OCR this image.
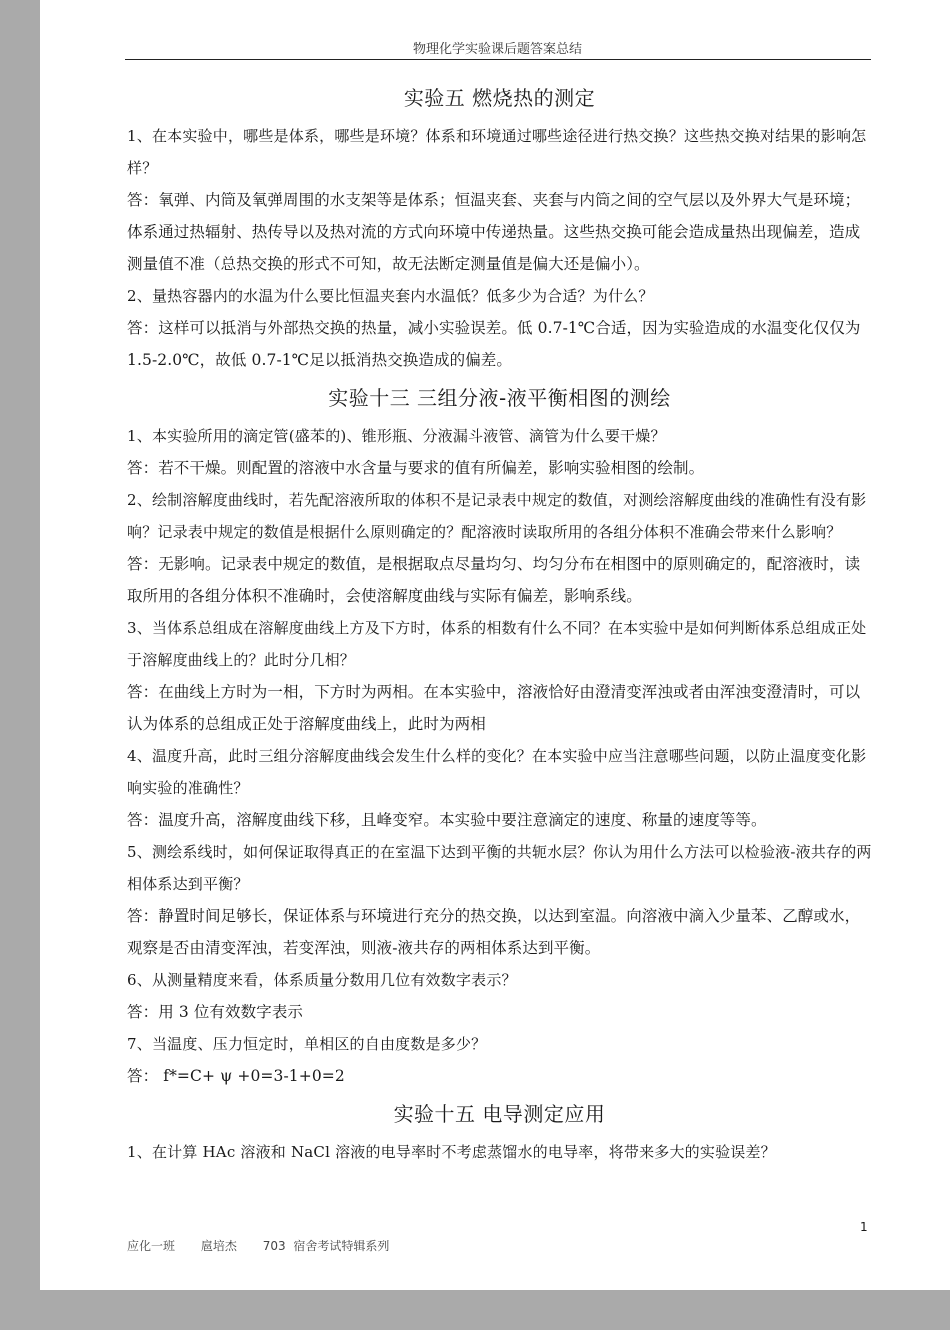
物理化学实验课后题答案总结
实验五 燃烧热的测定
1、在本实验中，哪些是体系，哪些是环境？体系和环境通过哪些途径进行热交换？这些热交换对结果的影响怎样？
答：氧弹、内筒及氧弹周围的水支架等是体系；恒温夹套、夹套与内筒之间的空气层以及外界大气是环境；体系通过热辐射、热传导以及热对流的方式向环境中传递热量。这些热交换可能会造成量热出现偏差，造成测量值不准（总热交换的形式不可知，故无法断定测量值是偏大还是偏小）。
2、量热容器内的水温为什么要比恒温夹套内水温低？低多少为合适？为什么？
答：这样可以抵消与外部热交换的热量，减小实验误差。低 0.7-1℃合适，因为实验造成的水温变化仅仅为 1.5-2.0℃，故低 0.7-1℃足以抵消热交换造成的偏差。
实验十三 三组分液-液平衡相图的测绘
1、本实验所用的滴定管(盛苯的)、锥形瓶、分液漏斗液管、滴管为什么要干燥？
答：若不干燥。则配置的溶液中水含量与要求的值有所偏差，影响实验相图的绘制。
2、绘制溶解度曲线时，若先配溶液所取的体积不是记录表中规定的数值，对测绘溶解度曲线的准确性有没有影响？记录表中规定的数值是根据什么原则确定的？配溶液时读取所用的各组分体积不准确会带来什么影响？
答：无影响。记录表中规定的数值，是根据取点尽量均匀、均匀分布在相图中的原则确定的，配溶液时，读取所用的各组分体积不准确时，会使溶解度曲线与实际有偏差，影响系线。
3、当体系总组成在溶解度曲线上方及下方时，体系的相数有什么不同？在本实验中是如何判断体系总组成正处于溶解度曲线上的？此时分几相？
答：在曲线上方时为一相，下方时为两相。在本实验中，溶液恰好由澄清变浑浊或者由浑浊变澄清时，可以认为体系的总组成正处于溶解度曲线上，此时为两相
4、温度升高，此时三组分溶解度曲线会发生什么样的变化？在本实验中应当注意哪些问题，以防止温度变化影响实验的准确性？
答：温度升高，溶解度曲线下移，且峰变窄。本实验中要注意滴定的速度、称量的速度等等。
5、测绘系线时，如何保证取得真正的在室温下达到平衡的共轭水层？你认为用什么方法可以检验液-液共存的两相体系达到平衡？
答：静置时间足够长，保证体系与环境进行充分的热交换，以达到室温。向溶液中滴入少量苯、乙醇或水，观察是否由清变浑浊，若变浑浊，则液-液共存的两相体系达到平衡。
6、从测量精度来看，体系质量分数用几位有效数字表示？
答：用 3 位有效数字表示
7、当温度、压力恒定时，单相区的自由度数是多少？
答： f*=C+ ψ +0=3-1+0=2
实验十五 电导测定应用
1、在计算 HAc 溶液和 NaCl 溶液的电导率时不考虑蒸馏水的电导率，将带来多大的实验误差？
1
应化一班 扈培杰 703 宿舍考试特辑系列
